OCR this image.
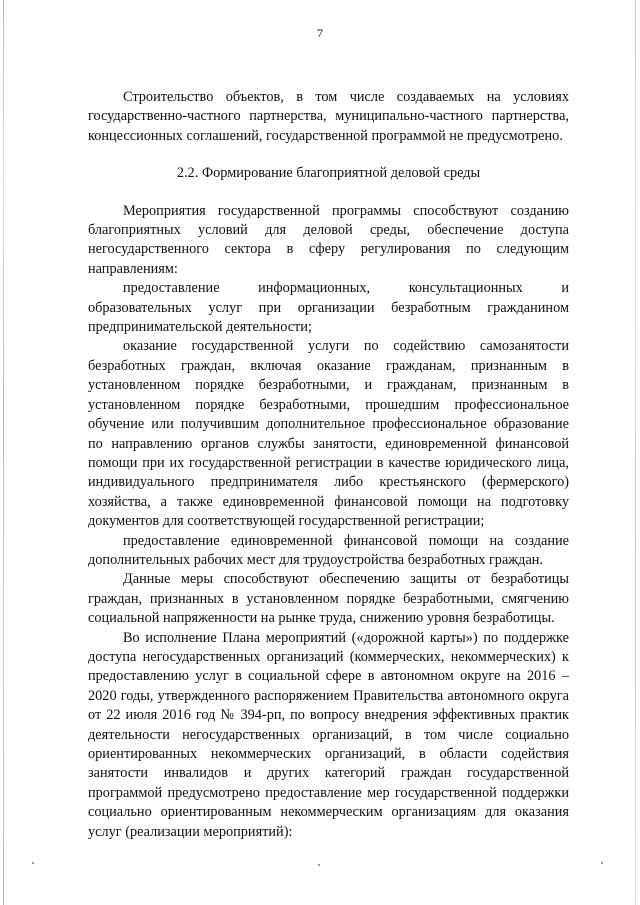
7

Строительство объектов, в том числе создаваемых на условиях государственно-частного партнерства, муниципально-частного партнерства, концессионных соглашений, государственной программой не предусмотрено.

2.2. Формирование благоприятной деловой среды

Мероприятия государственной программы способствуют созданию благоприятных условий для деловой среды, обеспечение доступа негосударственного сектора в сферу регулирования по следующим направлениям:

предоставление информационных, консультационных и образовательных услуг при организации безработным гражданином предпринимательской деятельности;

оказание государственной услуги по содействию самозанятости безработных граждан, включая оказание гражданам, признанным в установленном порядке безработными, и гражданам, признанным в установленном порядке безработными, прошедшим профессиональное обучение или получившим дополнительное профессиональное образование по направлению органов службы занятости, единовременной финансовой помощи при их государственной регистрации в качестве юридического лица, индивидуального предпринимателя либо крестьянского (фермерского) хозяйства, а также единовременной финансовой помощи на подготовку документов для соответствующей государственной регистрации;

предоставление единовременной финансовой помощи на создание дополнительных рабочих мест для трудоустройства безработных граждан.

Данные меры способствуют обеспечению защиты от безработицы граждан, признанных в установленном порядке безработными, смягчению социальной напряженности на рынке труда, снижению уровня безработицы.

Во исполнение Плана мероприятий («дорожной карты») по поддержке доступа негосударственных организаций (коммерческих, некоммерческих) к предоставлению услуг в социальной сфере в автономном округе на 2016 – 2020 годы, утвержденного распоряжением Правительства автономного округа от 22 июля 2016 год № 394-рп, по вопросу внедрения эффективных практик деятельности негосударственных организаций, в том числе социально ориентированных некоммерческих организаций, в области содействия занятости инвалидов и других категорий граждан государственной программой предусмотрено предоставление мер государственной поддержки социально ориентированным некоммерческим организациям для оказания услуг (реализации мероприятий):
